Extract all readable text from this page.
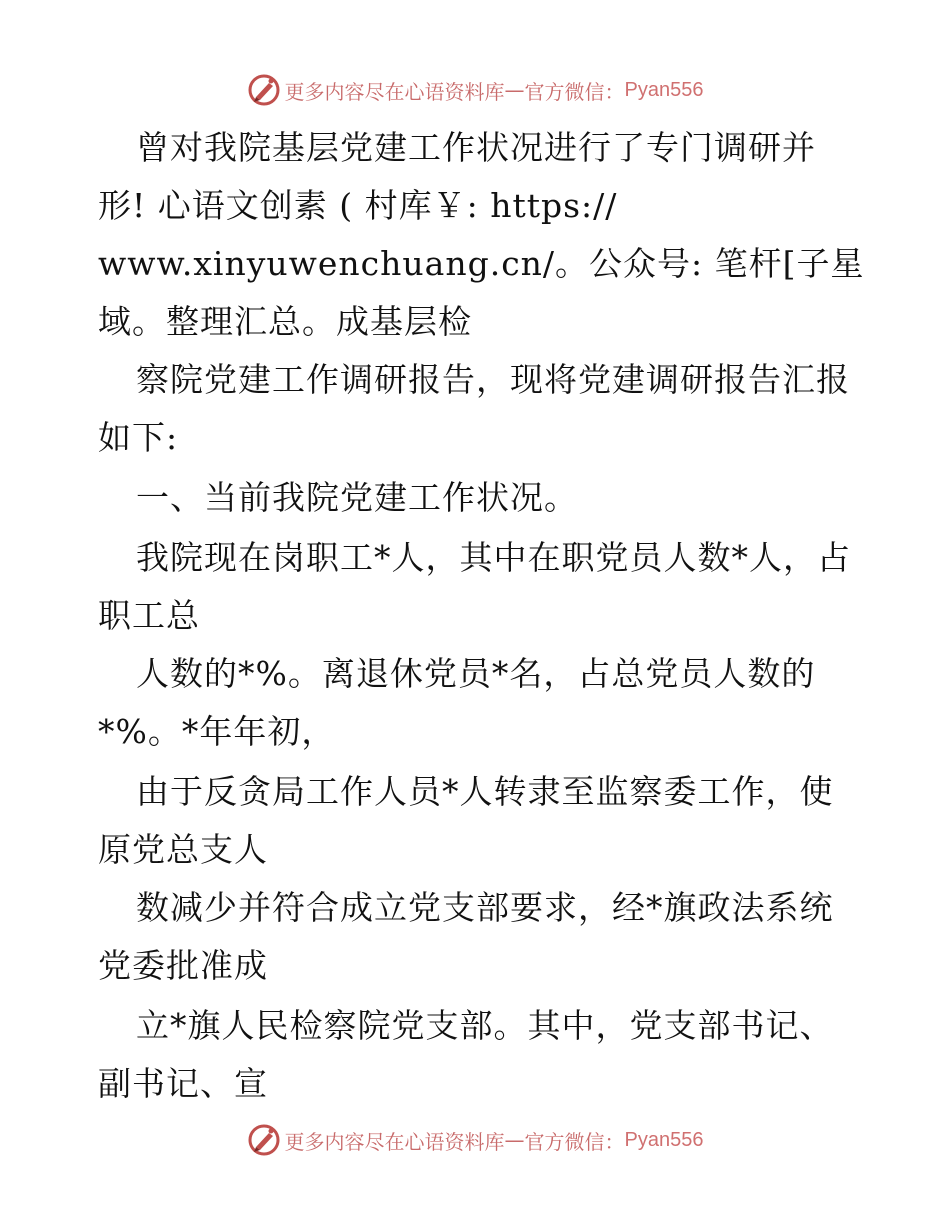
更多内容尽在心语资料库 — 官方微信： Pyan556
曾对我院基层党建工作状况进行了专门调研并
形! 心语文创素 ( 村库￥: https://
www.xinyuwenchuang.cn/。公众号: 笔杆[子星
域。整理汇总。成基层检
察院党建工作调研报告，现将党建调研报告汇报
如下:
一、当前我院党建工作状况。
我院现在岗职工*人，其中在职党员人数*人，占
职工总
人数的*%。离退休党员*名，占总党员人数的
*%。*年年初，
由于反贪局工作人员*人转隶至监察委工作，使
原党总支人
数减少并符合成立党支部要求，经*旗政法系统
党委批准成
立*旗人民检察院党支部。其中，党支部书记、
副书记、宣
更多内容尽在心语资料库 — 官方微信： Pyan556
